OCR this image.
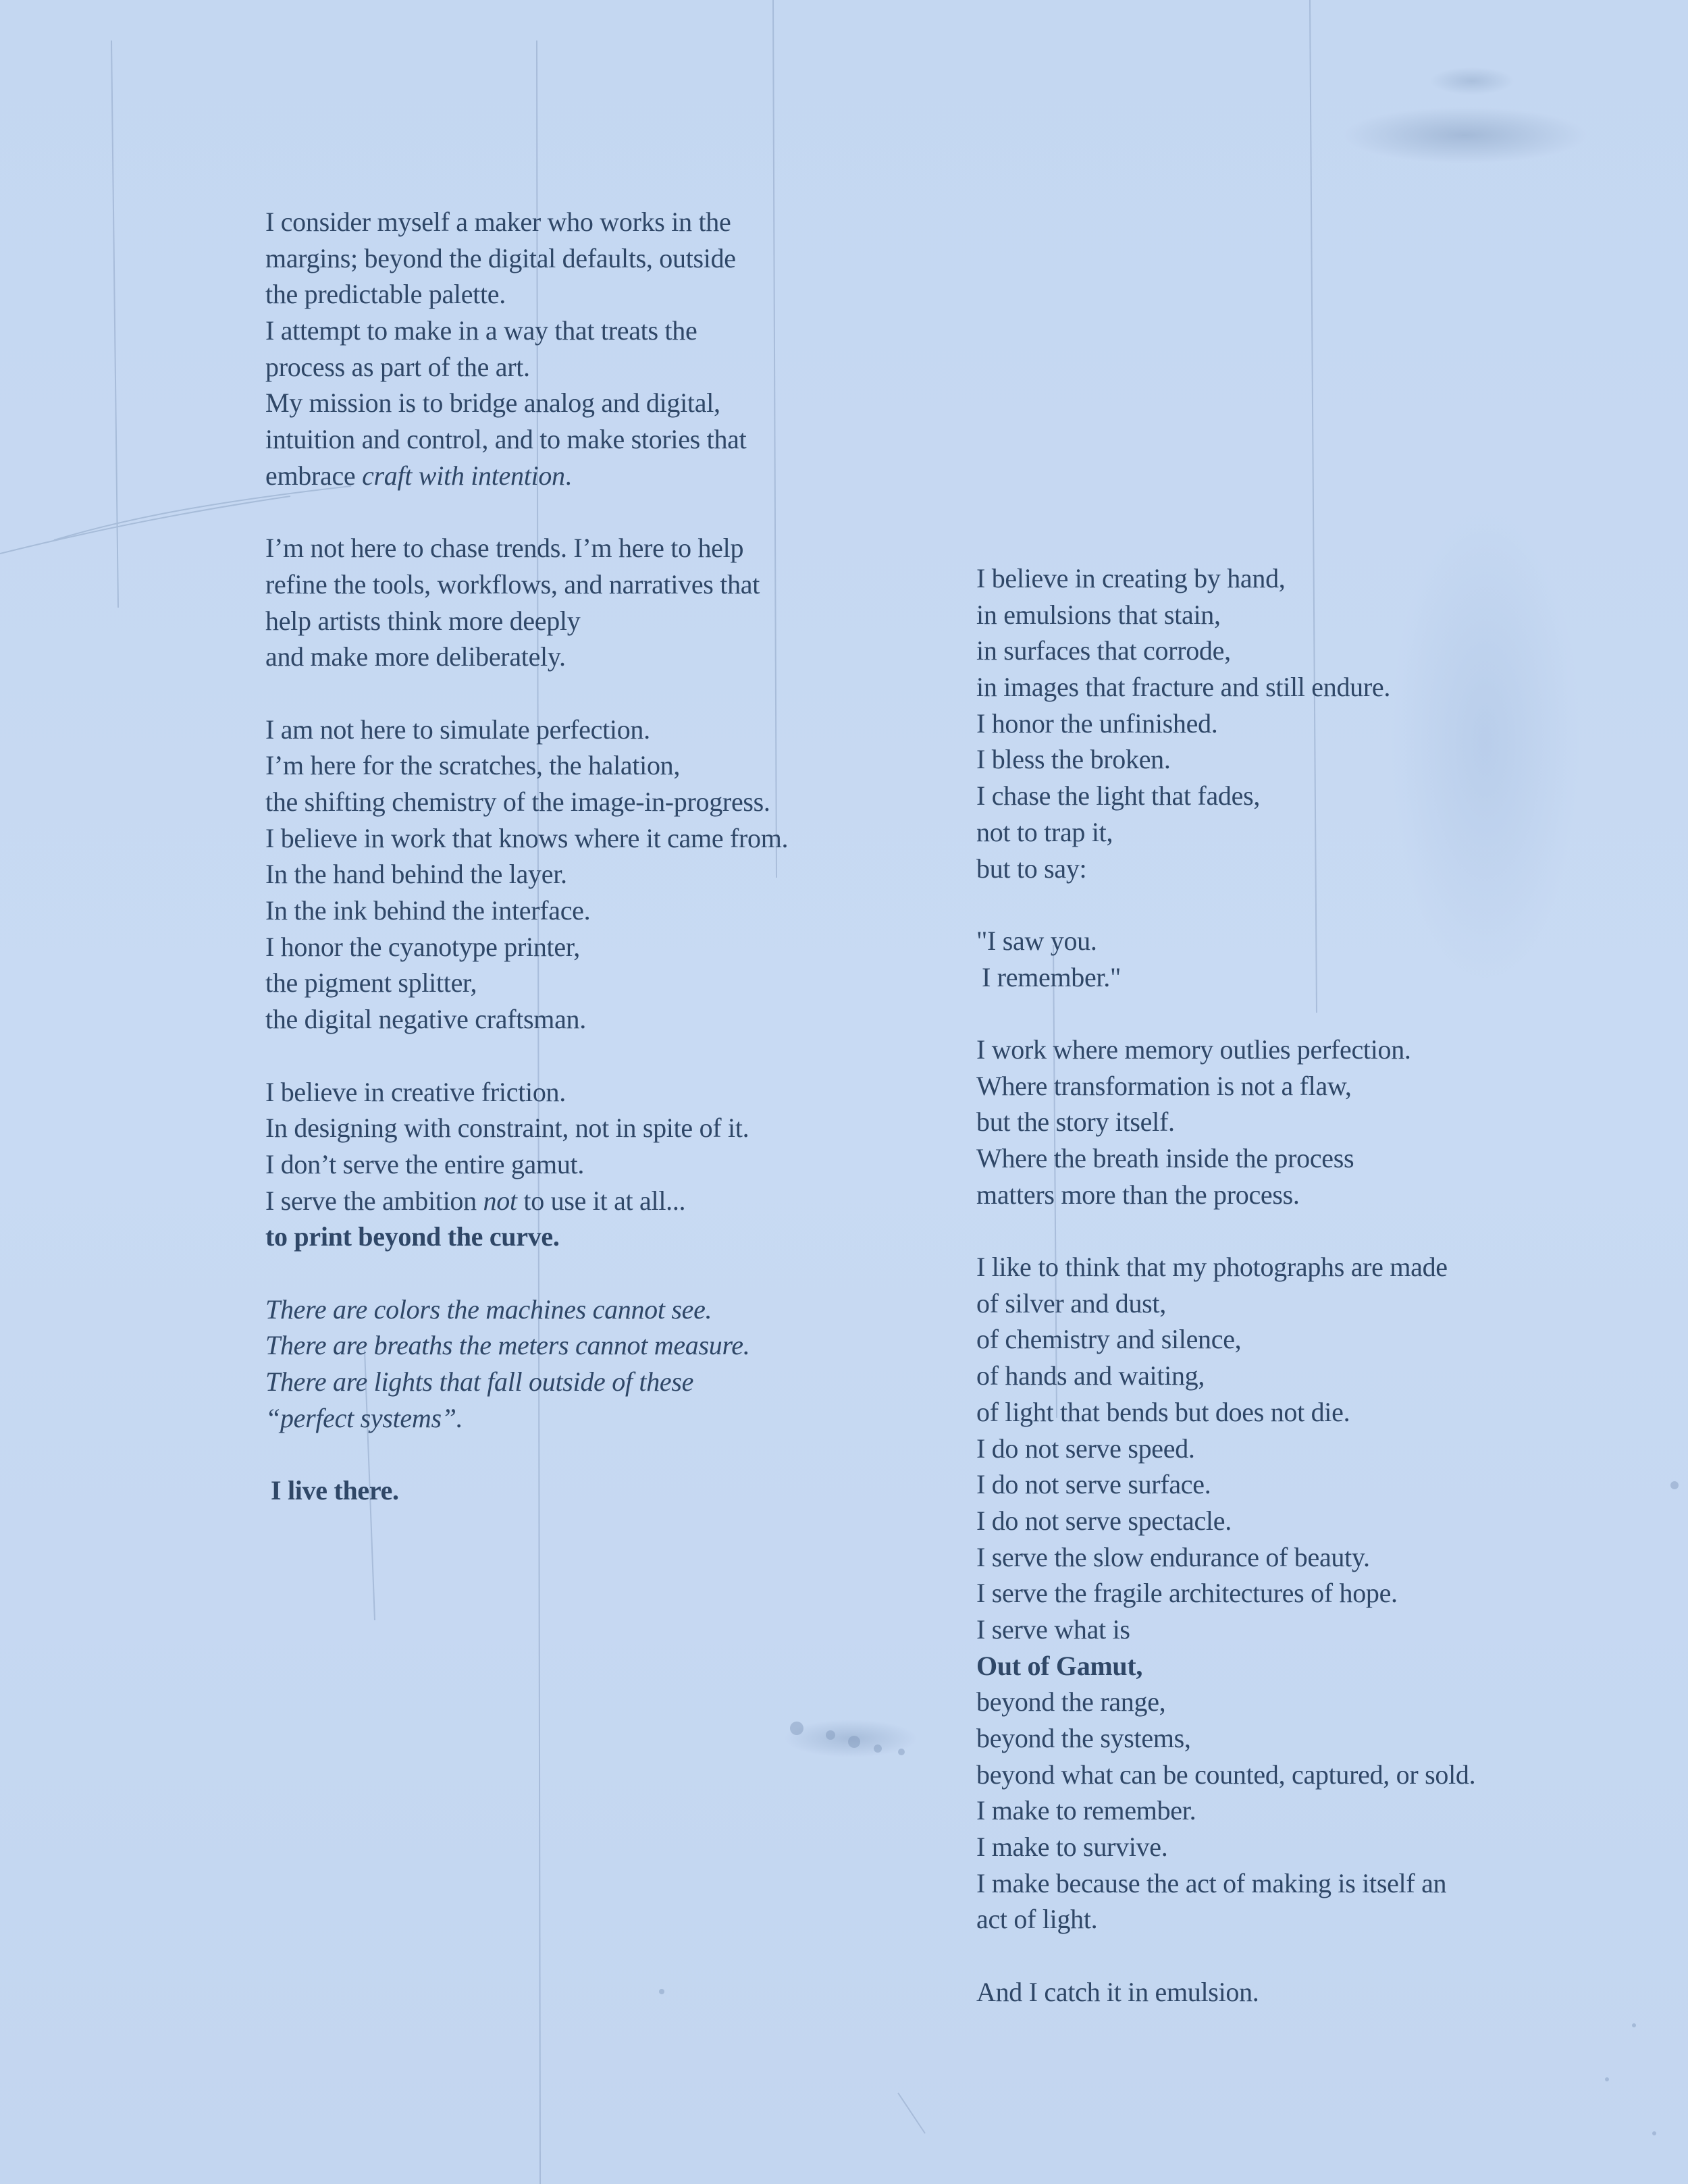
I consider myself a maker who works in the
margins; beyond the digital defaults, outside
the predictable palette.
I attempt to make in a way that treats the
process as part of the art.
My mission is to bridge analog and digital,
intuition and control, and to make stories that
embrace craft with intention.
I’m not here to chase trends. I’m here to help
refine the tools, workflows, and narratives that
help artists think more deeply
and make more deliberately.
I am not here to simulate perfection.
I’m here for the scratches, the halation,
the shifting chemistry of the image-in-progress.
I believe in work that knows where it came from.
In the hand behind the layer.
In the ink behind the interface.
I honor the cyanotype printer,
the pigment splitter,
the digital negative craftsman.
I believe in creative friction.
In designing with constraint, not in spite of it.
I don’t serve the entire gamut.
I serve the ambition not to use it at all...
to print beyond the curve.
There are colors the machines cannot see.
There are breaths the meters cannot measure.
There are lights that fall outside of these
“perfect systems”.
I live there.
I believe in creating by hand,
in emulsions that stain,
in surfaces that corrode,
in images that fracture and still endure.
I honor the unfinished.
I bless the broken.
I chase the light that fades,
not to trap it,
but to say:
"I saw you.
I remember."
I work where memory outlies perfection.
Where transformation is not a flaw,
but the story itself.
Where the breath inside the process
matters more than the process.
I like to think that my photographs are made
of silver and dust,
of chemistry and silence,
of hands and waiting,
of light that bends but does not die.
I do not serve speed.
I do not serve surface.
I do not serve spectacle.
I serve the slow endurance of beauty.
I serve the fragile architectures of hope.
I serve what is
Out of Gamut,
beyond the range,
beyond the systems,
beyond what can be counted, captured, or sold.
I make to remember.
I make to survive.
I make because the act of making is itself an
act of light.
And I catch it in emulsion.
